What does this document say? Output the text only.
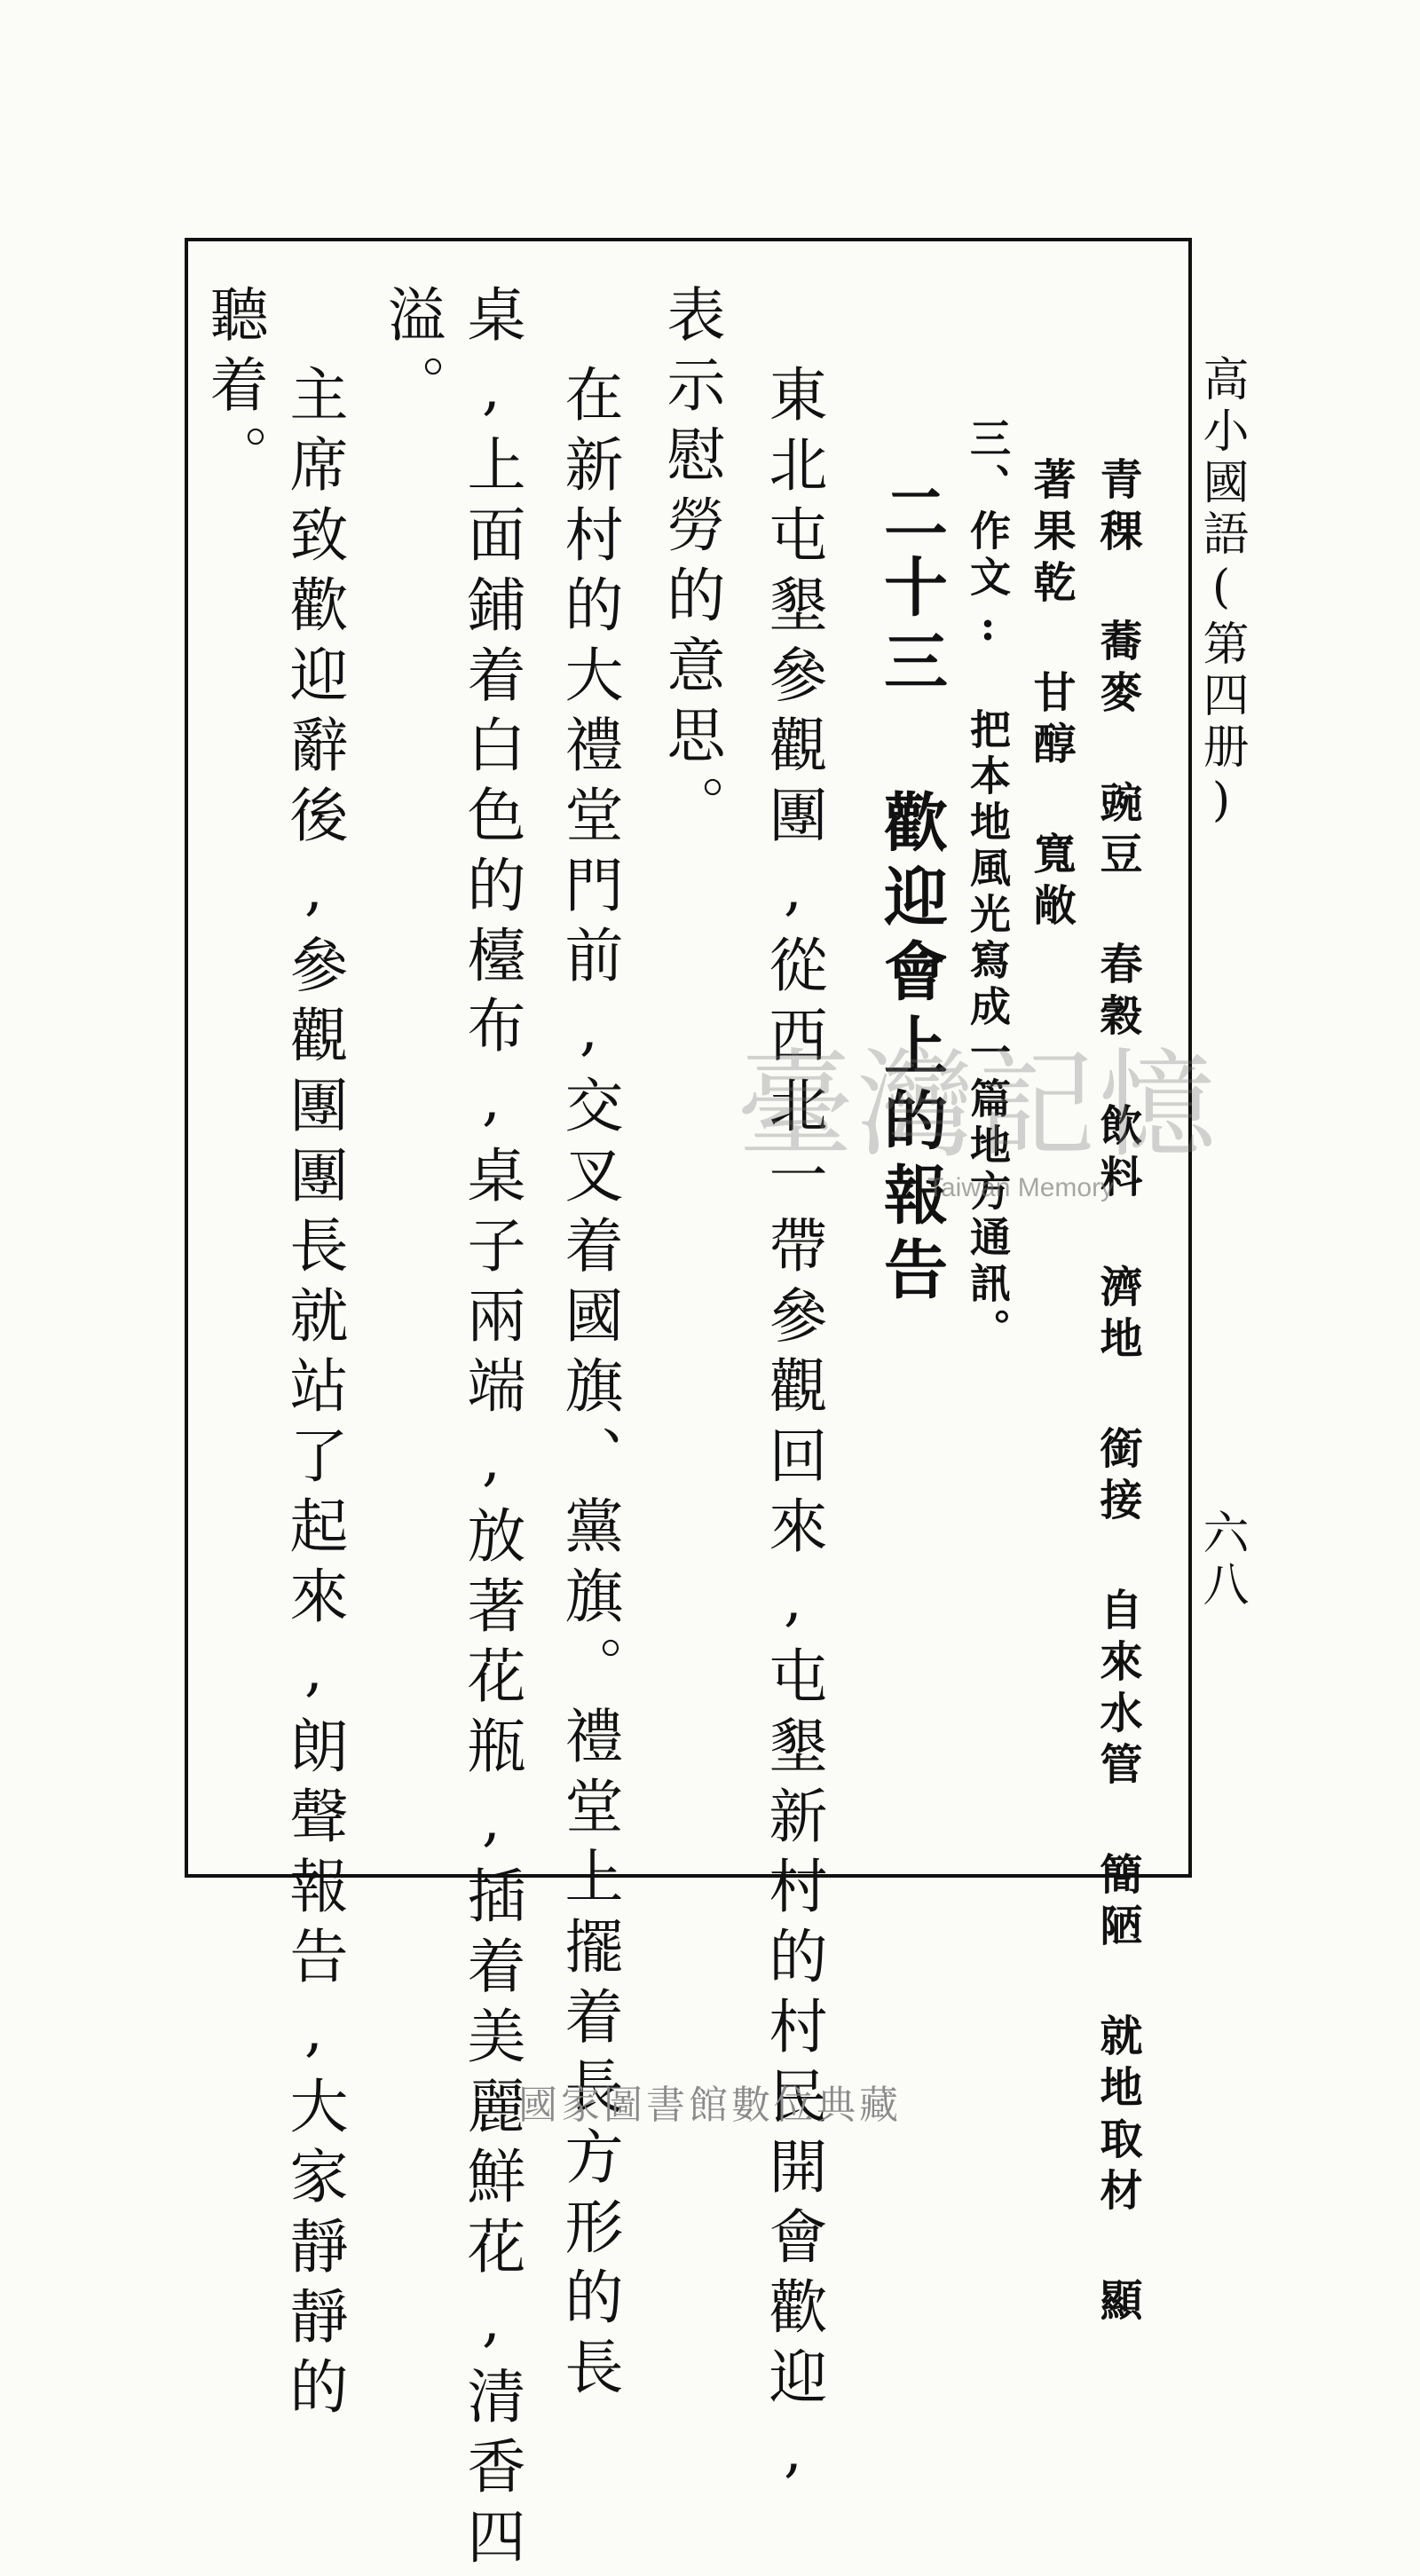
高小國語(第四册)
六八
青稞 蕎麥 豌豆 春穀 飲料 濟地 銜接 自來水管 簡陋 就地取材 顯
著果乾 甘醇 寬敞
三、作文: 把本地風光寫成一篇地方通訊。
二十三 歡迎會上的報告
東北屯墾參觀團,從西北一帶參觀回來,屯墾新村的村民開會歡迎,
表示慰勞的意思。
在新村的大禮堂門前,交叉着國旗、黨旗。禮堂上擺着長方形的長
桌,上面鋪着白色的檯布,桌子兩端,放著花瓶,插着美麗鮮花,清香四
溢。
主席致歡迎辭後,參觀團團長就站了起來,朗聲報告,大家靜靜的
聽着。
臺灣記憶
Taiwan Memory
國家圖書館數位典藏
